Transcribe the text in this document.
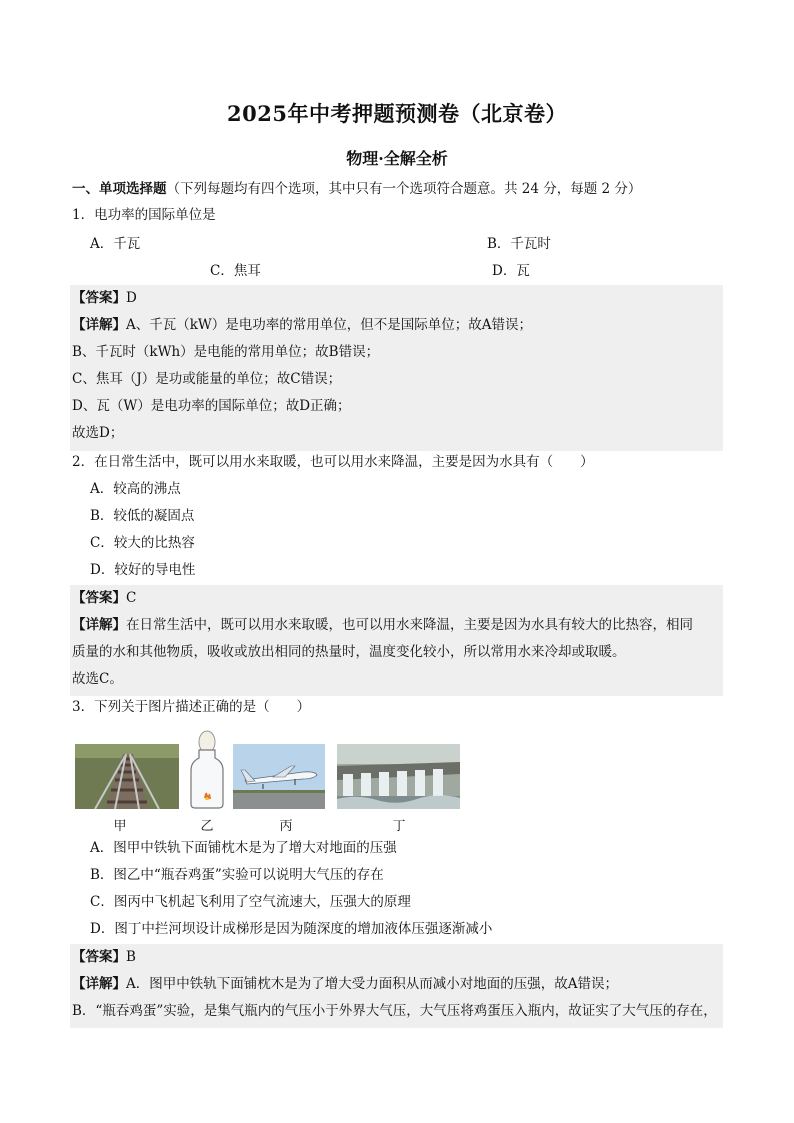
2025年中考押题预测卷（北京卷）
物理·全解全析
一、单项选择题（下列每题均有四个选项，其中只有一个选项符合题意。共 24 分，每题 2 分）
1．电功率的国际单位是
A．千瓦	B．千瓦时
C．焦耳	D．瓦
【答案】D
【详解】A、千瓦（kW）是电功率的常用单位，但不是国际单位；故A错误；
B、千瓦时（kWh）是电能的常用单位；故B错误；
C、焦耳（J）是功或能量的单位；故C错误；
D、瓦（W）是电功率的国际单位；故D正确；
故选D；
2．在日常生活中，既可以用水来取暖，也可以用水来降温，主要是因为水具有（　　）
A．较高的沸点
B．较低的凝固点
C．较大的比热容
D．较好的导电性
【答案】C
【详解】在日常生活中，既可以用水来取暖，也可以用水来降温，主要是因为水具有较大的比热容，相同
质量的水和其他物质，吸收或放出相同的热量时，温度变化较小，所以常用水来冷却或取暖。
故选C。
3．下列关于图片描述正确的是（　　）
甲	乙	丙	丁
A．图甲中铁轨下面铺枕木是为了增大对地面的压强
B．图乙中“瓶吞鸡蛋”实验可以说明大气压的存在
C．图丙中飞机起飞利用了空气流速大，压强大的原理
D．图丁中拦河坝设计成梯形是因为随深度的增加液体压强逐渐减小
【答案】B
【详解】A．图甲中铁轨下面铺枕木是为了增大受力面积从而减小对地面的压强，故A错误；
B．“瓶吞鸡蛋”实验，是集气瓶内的气压小于外界大气压，大气压将鸡蛋压入瓶内，故证实了大气压的存在，
